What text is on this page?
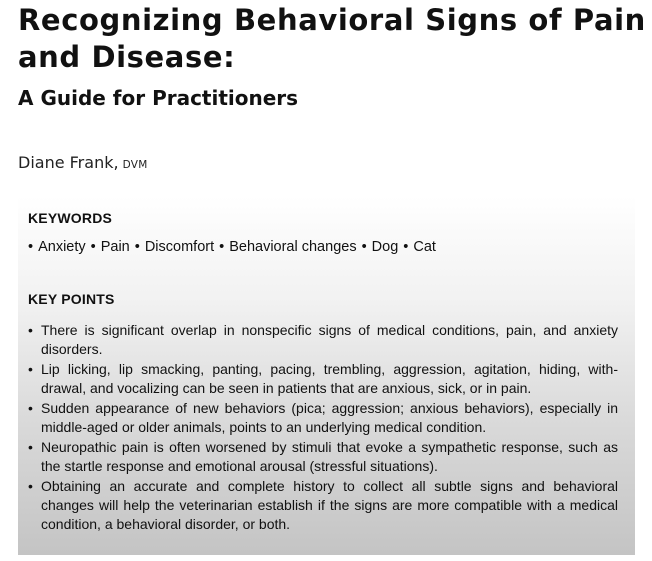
Recognizing Behavioral Signs of Pain and Disease:
A Guide for Practitioners
Diane Frank, DVM
KEYWORDS
• Anxiety • Pain • Discomfort • Behavioral changes • Dog • Cat
KEY POINTS
• There is significant overlap in nonspecific signs of medical conditions, pain, and anxiety disorders.
• Lip licking, lip smacking, panting, pacing, trembling, aggression, agitation, hiding, with-drawal, and vocalizing can be seen in patients that are anxious, sick, or in pain.
• Sudden appearance of new behaviors (pica; aggression; anxious behaviors), especially in middle-aged or older animals, points to an underlying medical condition.
• Neuropathic pain is often worsened by stimuli that evoke a sympathetic response, such as the startle response and emotional arousal (stressful situations).
• Obtaining an accurate and complete history to collect all subtle signs and behavioral changes will help the veterinarian establish if the signs are more compatible with a medical condition, a behavioral disorder, or both.
